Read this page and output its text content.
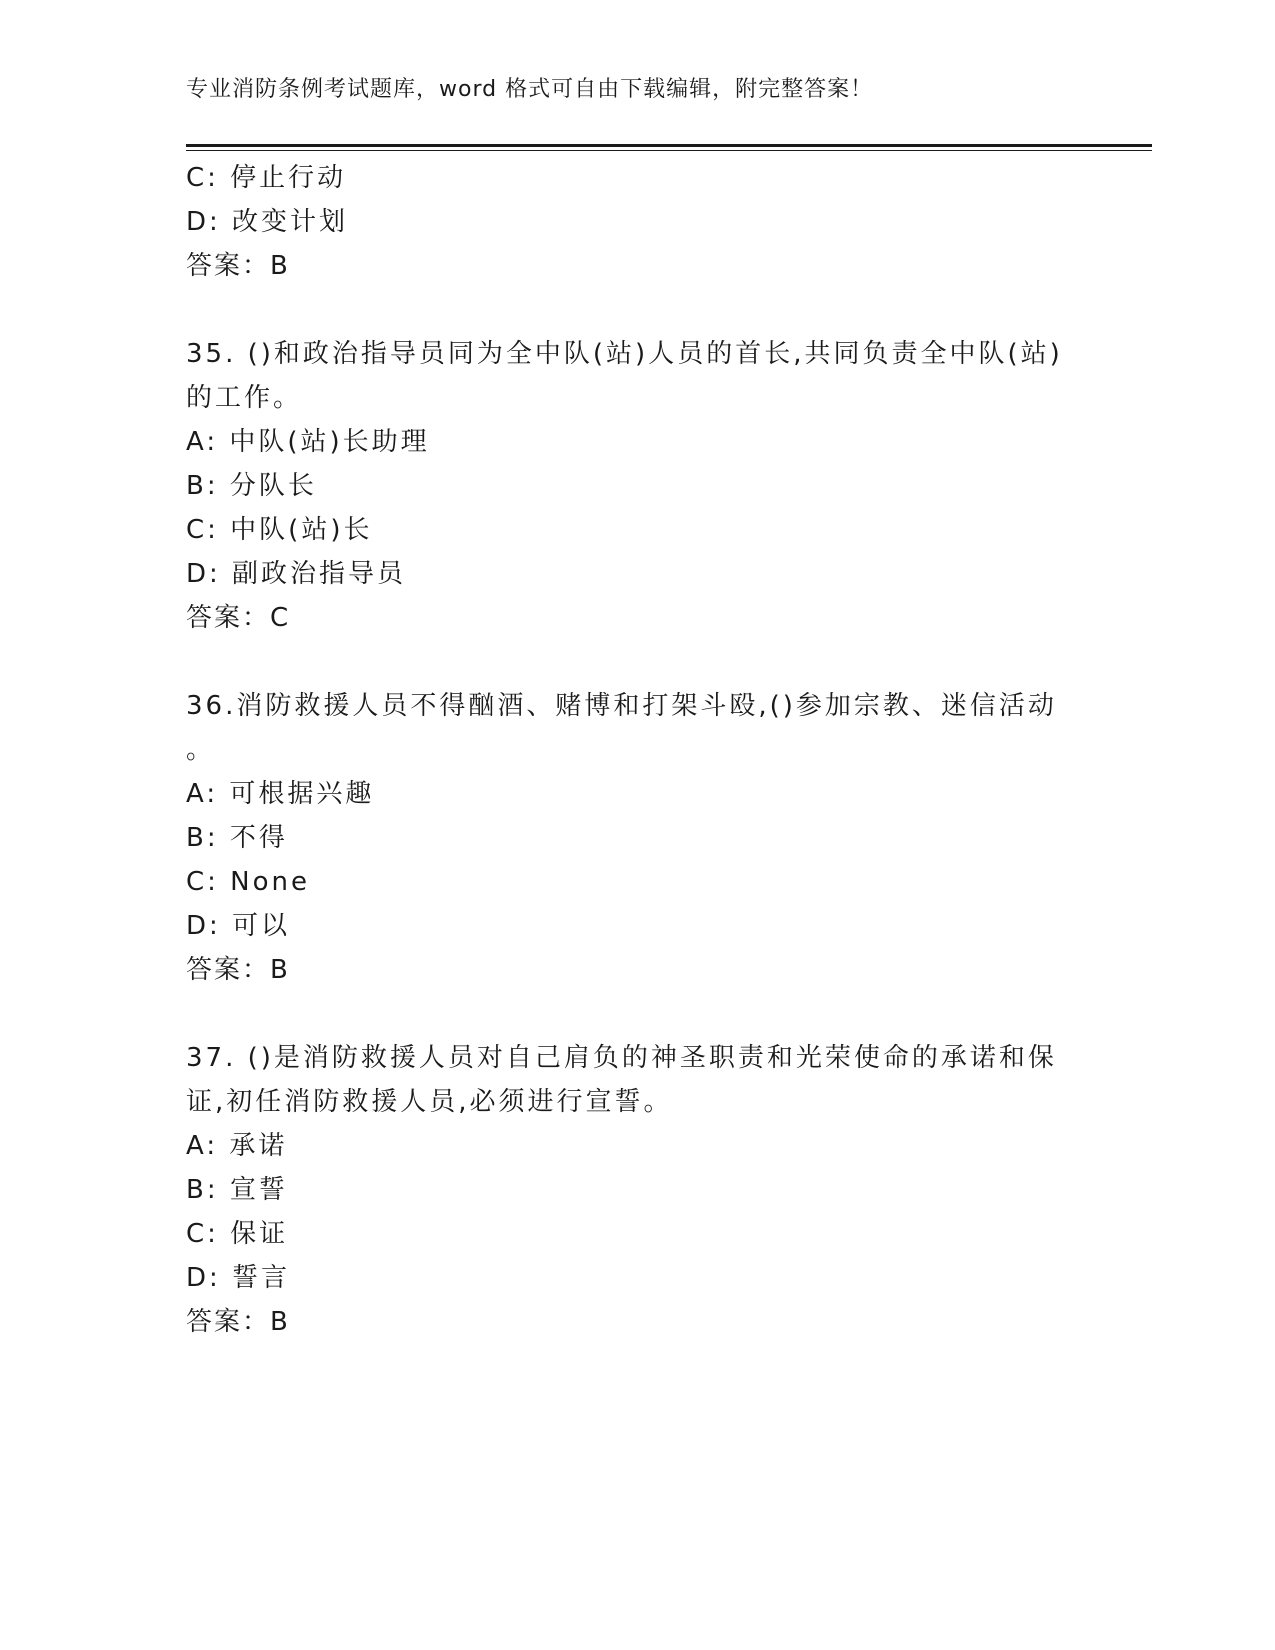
专业消防条例考试题库，word 格式可自由下载编辑，附完整答案！
C: 停止行动
D: 改变计划
答案：B
35. ()和政治指导员同为全中队(站)人员的首长,共同负责全中队(站)
的工作。
A: 中队(站)长助理
B: 分队长
C: 中队(站)长
D: 副政治指导员
答案：C
36.消防救援人员不得酗酒、赌博和打架斗殴,()参加宗教、迷信活动
。
A: 可根据兴趣
B: 不得
C: None
D: 可以
答案：B
37. ()是消防救援人员对自己肩负的神圣职责和光荣使命的承诺和保
证,初任消防救援人员,必须进行宣誓。
A: 承诺
B: 宣誓
C: 保证
D: 誓言
答案：B
